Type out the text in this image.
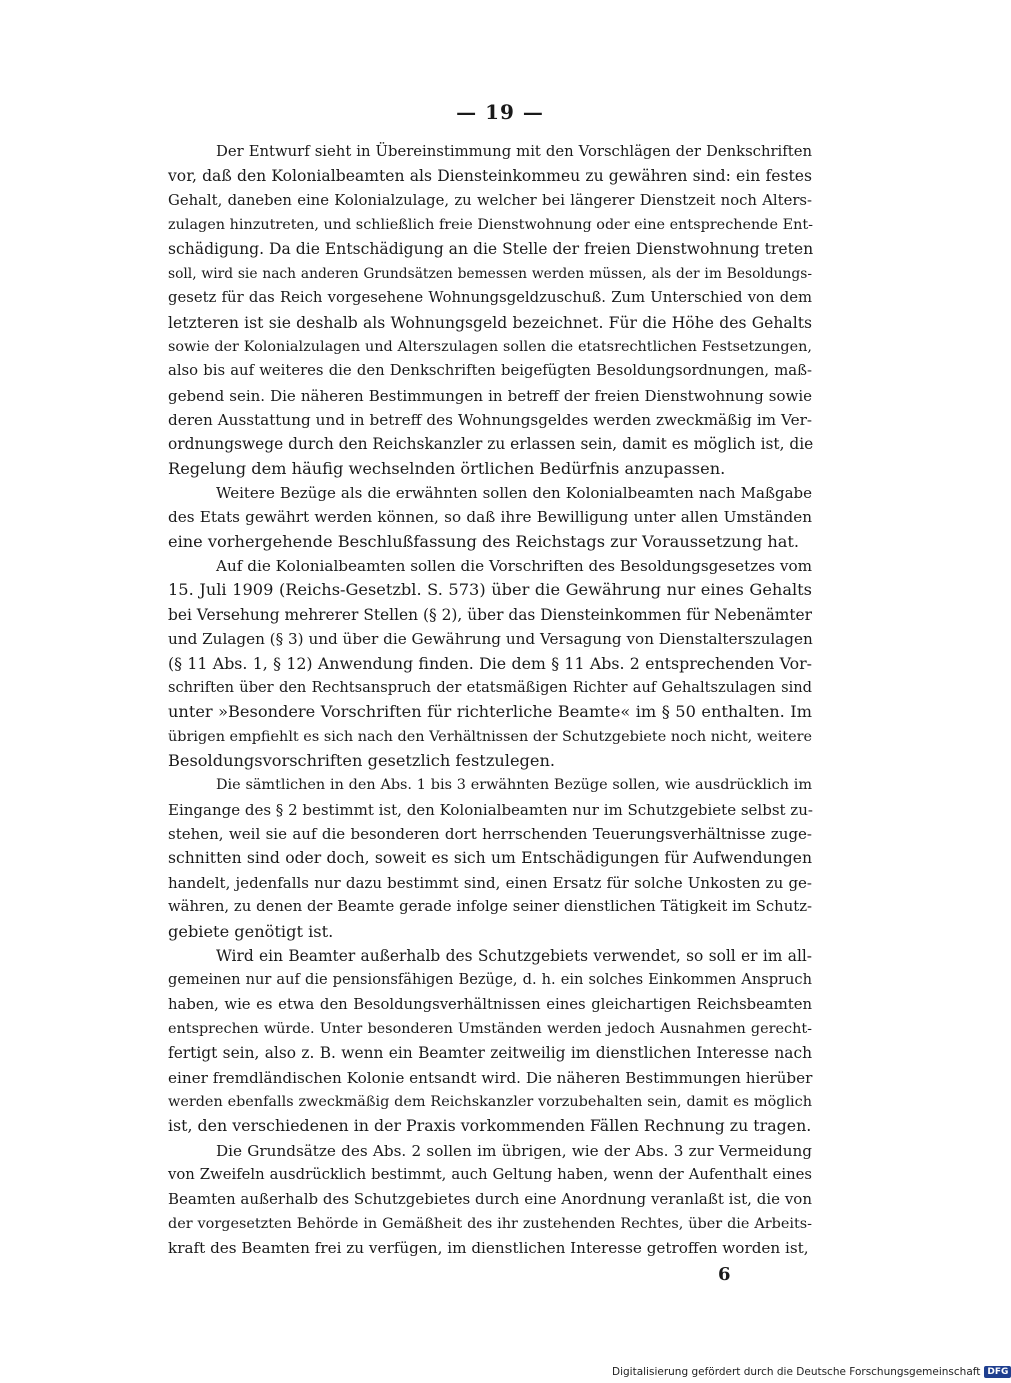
— 19 —
Der Entwurf sieht in Übereinstimmung mit den Vorschlägen der Denkschriften
vor, daß den Kolonialbeamten als Diensteinkommeu zu gewähren sind: ein festes
Gehalt, daneben eine Kolonialzulage, zu welcher bei längerer Dienstzeit noch Alters-
zulagen hinzutreten, und schließlich freie Dienstwohnung oder eine entsprechende Ent-
schädigung. Da die Entschädigung an die Stelle der freien Dienstwohnung treten
soll, wird sie nach anderen Grundsätzen bemessen werden müssen, als der im Besoldungs-
gesetz für das Reich vorgesehene Wohnungsgeldzuschuß. Zum Unterschied von dem
letzteren ist sie deshalb als Wohnungsgeld bezeichnet. Für die Höhe des Gehalts
sowie der Kolonialzulagen und Alterszulagen sollen die etatsrechtlichen Festsetzungen,
also bis auf weiteres die den Denkschriften beigefügten Besoldungsordnungen, maß-
gebend sein. Die näheren Bestimmungen in betreff der freien Dienstwohnung sowie
deren Ausstattung und in betreff des Wohnungsgeldes werden zweckmäßig im Ver-
ordnungswege durch den Reichskanzler zu erlassen sein, damit es möglich ist, die
Regelung dem häufig wechselnden örtlichen Bedürfnis anzupassen.
Weitere Bezüge als die erwähnten sollen den Kolonialbeamten nach Maßgabe
des Etats gewährt werden können, so daß ihre Bewilligung unter allen Umständen
eine vorhergehende Beschlußfassung des Reichstags zur Voraussetzung hat.
Auf die Kolonialbeamten sollen die Vorschriften des Besoldungsgesetzes vom
15. Juli 1909 (Reichs-Gesetzbl. S. 573) über die Gewährung nur eines Gehalts
bei Versehung mehrerer Stellen (§ 2), über das Diensteinkommen für Nebenämter
und Zulagen (§ 3) und über die Gewährung und Versagung von Dienstalterszulagen
(§ 11 Abs. 1, § 12) Anwendung finden. Die dem § 11 Abs. 2 entsprechenden Vor-
schriften über den Rechtsanspruch der etatsmäßigen Richter auf Gehaltszulagen sind
unter »Besondere Vorschriften für richterliche Beamte« im § 50 enthalten. Im
übrigen empfiehlt es sich nach den Verhältnissen der Schutzgebiete noch nicht, weitere
Besoldungsvorschriften gesetzlich festzulegen.
Die sämtlichen in den Abs. 1 bis 3 erwähnten Bezüge sollen, wie ausdrücklich im
Eingange des § 2 bestimmt ist, den Kolonialbeamten nur im Schutzgebiete selbst zu-
stehen, weil sie auf die besonderen dort herrschenden Teuerungsverhältnisse zuge-
schnitten sind oder doch, soweit es sich um Entschädigungen für Aufwendungen
handelt, jedenfalls nur dazu bestimmt sind, einen Ersatz für solche Unkosten zu ge-
währen, zu denen der Beamte gerade infolge seiner dienstlichen Tätigkeit im Schutz-
gebiete genötigt ist.
Wird ein Beamter außerhalb des Schutzgebiets verwendet, so soll er im all-
gemeinen nur auf die pensionsfähigen Bezüge, d. h. ein solches Einkommen Anspruch
haben, wie es etwa den Besoldungsverhältnissen eines gleichartigen Reichsbeamten
entsprechen würde. Unter besonderen Umständen werden jedoch Ausnahmen gerecht-
fertigt sein, also z. B. wenn ein Beamter zeitweilig im dienstlichen Interesse nach
einer fremdländischen Kolonie entsandt wird. Die näheren Bestimmungen hierüber
werden ebenfalls zweckmäßig dem Reichskanzler vorzubehalten sein, damit es möglich
ist, den verschiedenen in der Praxis vorkommenden Fällen Rechnung zu tragen.
Die Grundsätze des Abs. 2 sollen im übrigen, wie der Abs. 3 zur Vermeidung
von Zweifeln ausdrücklich bestimmt, auch Geltung haben, wenn der Aufenthalt eines
Beamten außerhalb des Schutzgebietes durch eine Anordnung veranlaßt ist, die von
der vorgesetzten Behörde in Gemäßheit des ihr zustehenden Rechtes, über die Arbeits-
kraft des Beamten frei zu verfügen, im dienstlichen Interesse getroffen worden ist,
6
Digitalisierung gefördert durch die Deutsche Forschungsgemeinschaft DFG
